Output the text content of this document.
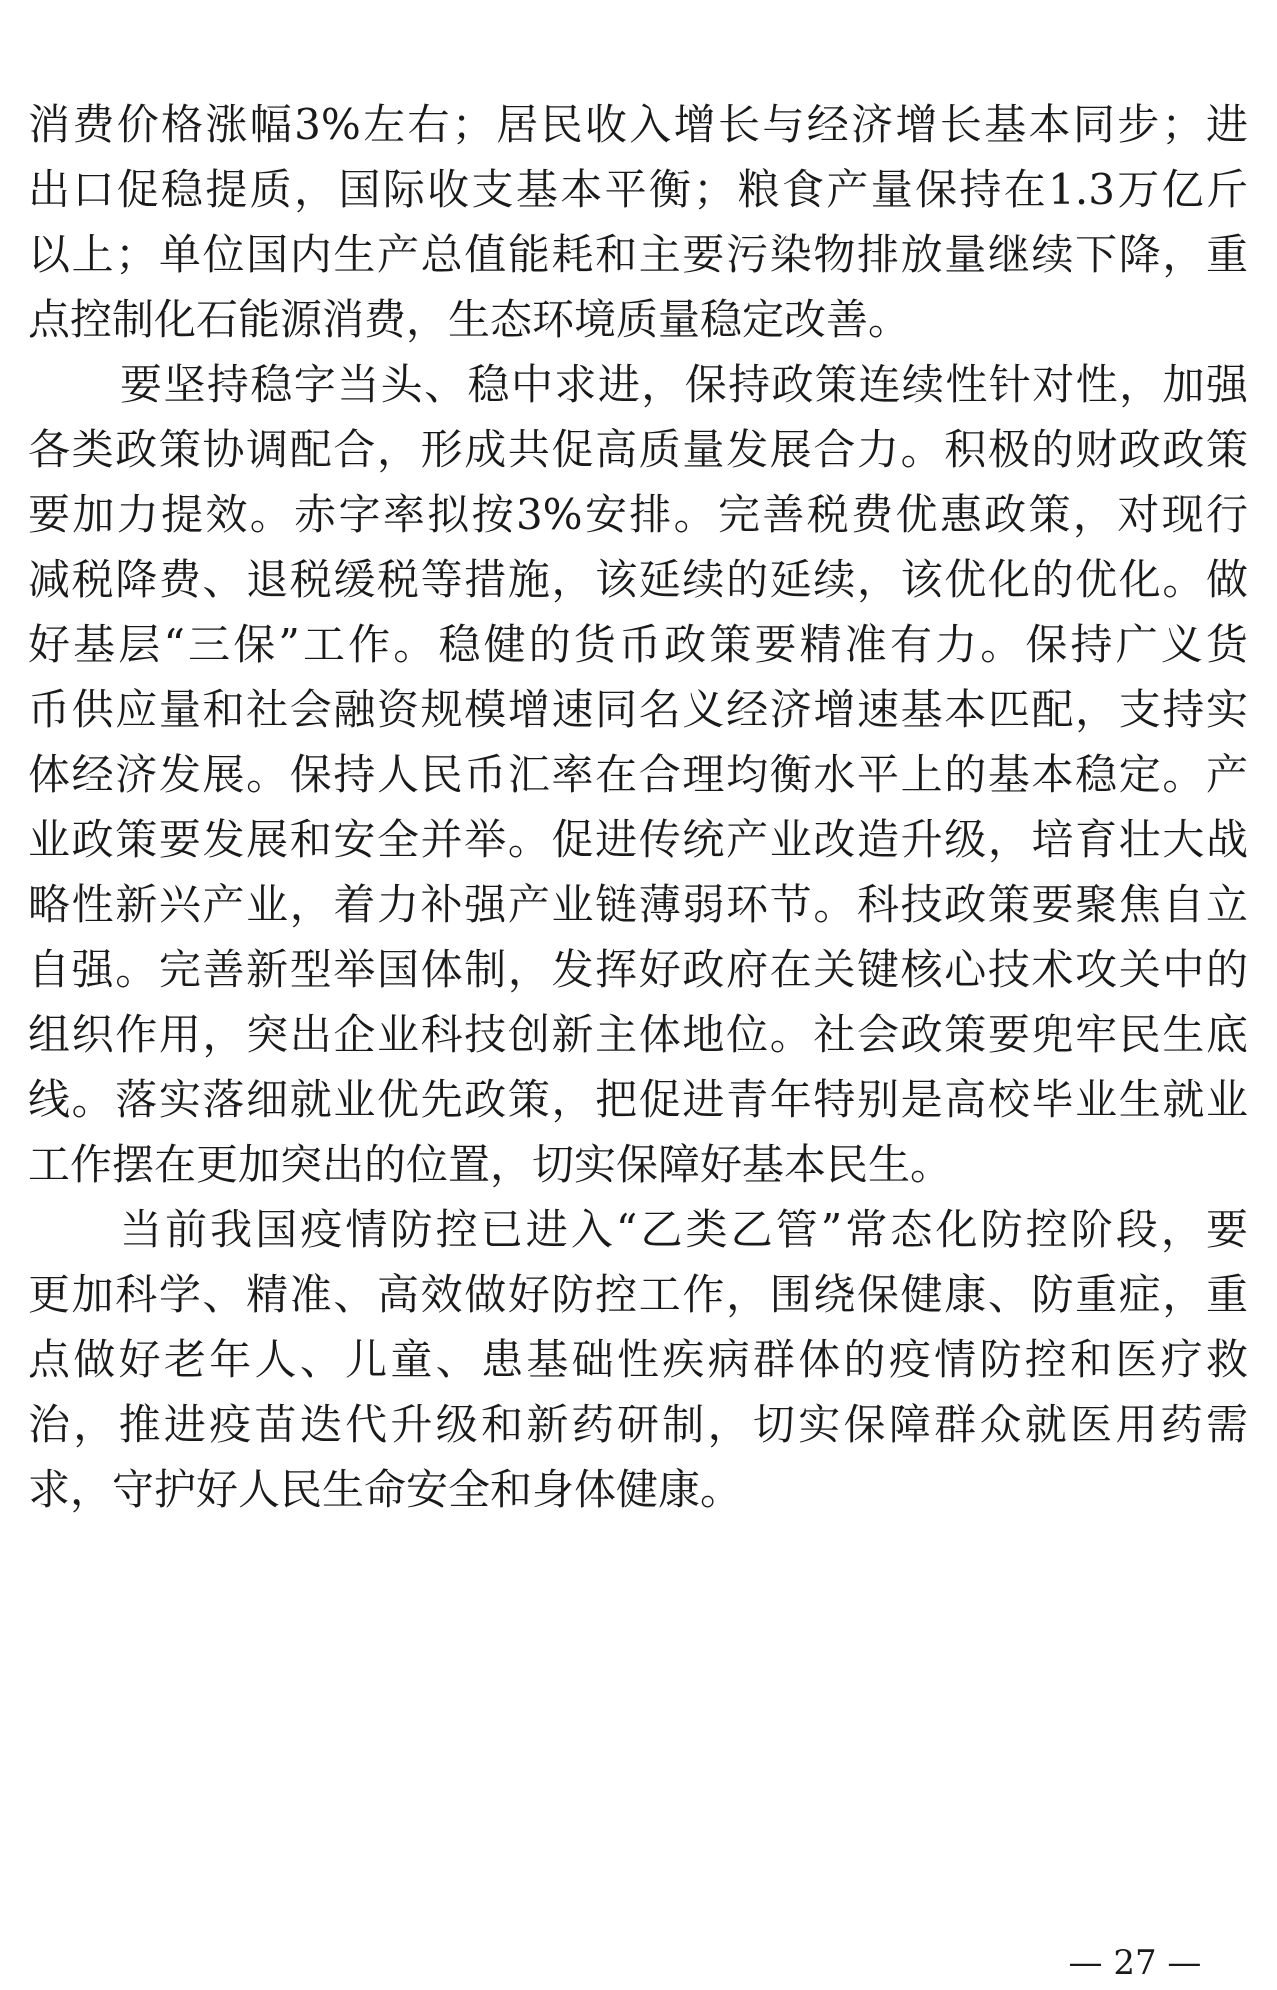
消费价格涨幅3%左右；居民收入增长与经济增长基本同步；进
出口促稳提质，国际收支基本平衡；粮食产量保持在1.3万亿斤
以上；单位国内生产总值能耗和主要污染物排放量继续下降，重
点控制化石能源消费，生态环境质量稳定改善。
要坚持稳字当头、稳中求进，保持政策连续性针对性，加强
各类政策协调配合，形成共促高质量发展合力。积极的财政政策
要加力提效。赤字率拟按3%安排。完善税费优惠政策，对现行
减税降费、退税缓税等措施，该延续的延续，该优化的优化。做
好基层“三保”工作。稳健的货币政策要精准有力。保持广义货
币供应量和社会融资规模增速同名义经济增速基本匹配，支持实
体经济发展。保持人民币汇率在合理均衡水平上的基本稳定。产
业政策要发展和安全并举。促进传统产业改造升级，培育壮大战
略性新兴产业，着力补强产业链薄弱环节。科技政策要聚焦自立
自强。完善新型举国体制，发挥好政府在关键核心技术攻关中的
组织作用，突出企业科技创新主体地位。社会政策要兜牢民生底
线。落实落细就业优先政策，把促进青年特别是高校毕业生就业
工作摆在更加突出的位置，切实保障好基本民生。
当前我国疫情防控已进入“乙类乙管”常态化防控阶段，要
更加科学、精准、高效做好防控工作，围绕保健康、防重症，重
点做好老年人、儿童、患基础性疾病群体的疫情防控和医疗救
治，推进疫苗迭代升级和新药研制，切实保障群众就医用药需
求，守护好人民生命安全和身体健康。
— 27 —
